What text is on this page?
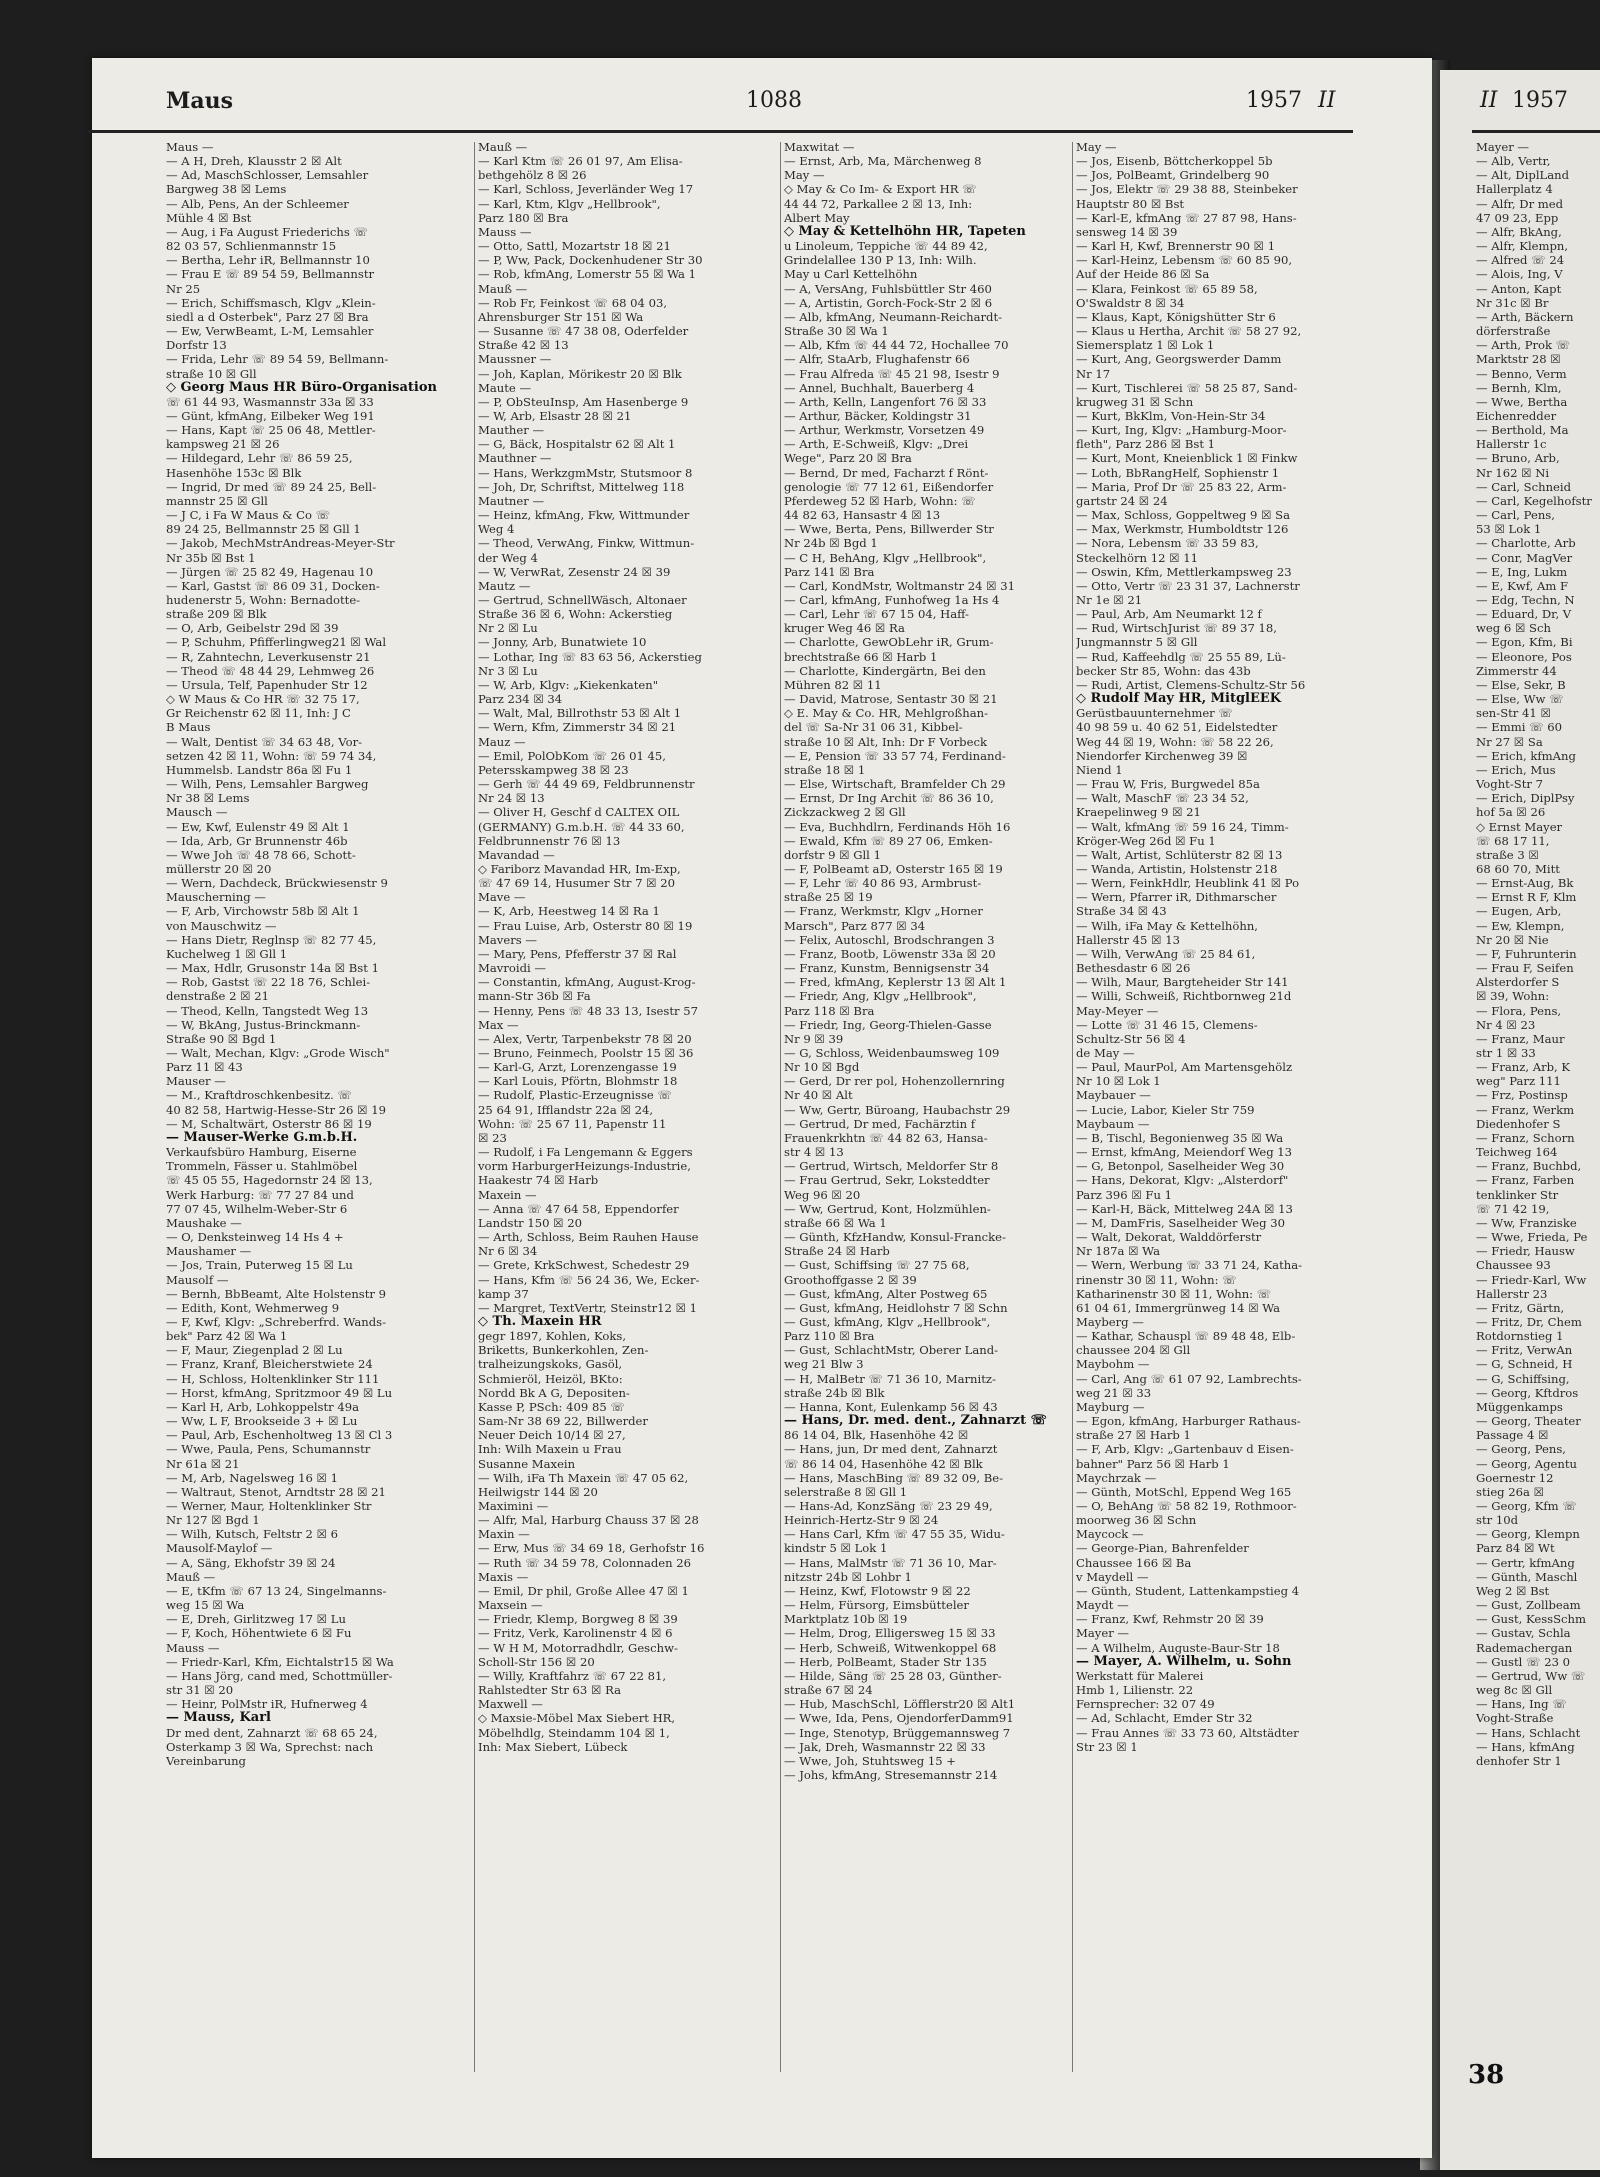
Maus	1088	1957 II	II 1957
Maus —
— A H, Dreh, Klausstr 2 ☒ Alt
— Ad, MaschSchlosser, Lemsahler
Bargweg 38 ☒ Lems
— Alb, Pens, An der Schleemer
Mühle 4 ☒ Bst
— Aug, i Fa August Friederichs ☏
82 03 57, Schlienmannstr 15
— Bertha, Lehr iR, Bellmannstr 10
— Frau E ☏ 89 54 59, Bellmannstr
Nr 25
— Erich, Schiffsmasch, Klgv „Klein-
siedl a d Osterbek", Parz 27 ☒ Bra
— Ew, VerwBeamt, L-M, Lemsahler
Dorfstr 13
— Frida, Lehr ☏ 89 54 59, Bellmann-
straße 10 ☒ Gll
◇ Georg Maus HR Büro-Organisation
☏ 61 44 93, Wasmannstr 33a ☒ 33
— Günt, kfmAng, Eilbeker Weg 191
— Hans, Kapt ☏ 25 06 48, Mettler-
kampsweg 21 ☒ 26
— Hildegard, Lehr ☏ 86 59 25,
Hasenhöhe 153c ☒ Blk
— Ingrid, Dr med ☏ 89 24 25, Bell-
mannstr 25 ☒ Gll
— J C, i Fa W Maus & Co ☏
89 24 25, Bellmannstr 25 ☒ Gll 1
— Jakob, MechMstrAndreas-Meyer-Str
Nr 35b ☒ Bst 1
— Jürgen ☏ 25 82 49, Hagenau 10
— Karl, Gastst ☏ 86 09 31, Docken-
hudenerstr 5, Wohn: Bernadotte-
straße 209 ☒ Blk
— O, Arb, Geibelstr 29d ☒ 39
— P, Schuhm, Pfifferlingweg21 ☒ Wal
— R, Zahntechn, Leverkusenstr 21
— Theod ☏ 48 44 29, Lehmweg 26
— Ursula, Telf, Papenhuder Str 12
◇ W Maus & Co HR ☏ 32 75 17,
Gr Reichenstr 62 ☒ 11, Inh: J C
B Maus
— Walt, Dentist ☏ 34 63 48, Vor-
setzen 42 ☒ 11, Wohn: ☏ 59 74 34,
Hummelsb. Landstr 86a ☒ Fu 1
— Wilh, Pens, Lemsahler Bargweg
Nr 38 ☒ Lems
Mausch —
— Ew, Kwf, Eulenstr 49 ☒ Alt 1
— Ida, Arb, Gr Brunnenstr 46b
— Wwe Joh ☏ 48 78 66, Schott-
müllerstr 20 ☒ 20
— Wern, Dachdeck, Brückwiesenstr 9
Mauscherning —
— F, Arb, Virchowstr 58b ☒ Alt 1
von Mauschwitz —
— Hans Dietr, Reglnsp ☏ 82 77 45,
Kuchelweg 1 ☒ Gll 1
— Max, Hdlr, Grusonstr 14a ☒ Bst 1
— Rob, Gastst ☏ 22 18 76, Schlei-
denstraße 2 ☒ 21
— Theod, Kelln, Tangstedt Weg 13
— W, BkAng, Justus-Brinckmann-
Straße 90 ☒ Bgd 1
— Walt, Mechan, Klgv: „Grode Wisch"
Parz 11 ☒ 43
Mauser —
— M., Kraftdroschkenbesitz. ☏
40 82 58, Hartwig-Hesse-Str 26 ☒ 19
— M, Schaltwärt, Osterstr 86 ☒ 19
— Mauser-Werke G.m.b.H.
Verkaufsbüro Hamburg, Eiserne
Trommeln, Fässer u. Stahlmöbel
☏ 45 05 55, Hagedornstr 24 ☒ 13,
Werk Harburg: ☏ 77 27 84 und
77 07 45, Wilhelm-Weber-Str 6
Maushake —
— O, Denksteinweg 14 Hs 4 +
Maushamer —
— Jos, Train, Puterweg 15 ☒ Lu
Mausolf —
— Bernh, BbBeamt, Alte Holstenstr 9
— Edith, Kont, Wehmerweg 9
— F, Kwf, Klgv: „Schreberfrd. Wands-
bek" Parz 42 ☒ Wa 1
— F, Maur, Ziegenplad 2 ☒ Lu
— Franz, Kranf, Bleicherstwiete 24
— H, Schloss, Holtenklinker Str 111
— Horst, kfmAng, Spritzmoor 49 ☒ Lu
— Karl H, Arb, Lohkoppelstr 49a
— Ww, L F, Brookseide 3 + ☒ Lu
— Paul, Arb, Eschenholtweg 13 ☒ Cl 3
— Wwe, Paula, Pens, Schumannstr
Nr 61a ☒ 21
— M, Arb, Nagelsweg 16 ☒ 1
— Waltraut, Stenot, Arndtstr 28 ☒ 21
— Werner, Maur, Holtenklinker Str
Nr 127 ☒ Bgd 1
— Wilh, Kutsch, Feltstr 2 ☒ 6
Mausolf-Maylof —
— A, Säng, Ekhofstr 39 ☒ 24
Mauß —
— E, tKfm ☏ 67 13 24, Singelmanns-
weg 15 ☒ Wa
— E, Dreh, Girlitzweg 17 ☒ Lu
— F, Koch, Höhentwiete 6 ☒ Fu
Mauss —
— Friedr-Karl, Kfm, Eichtalstr15 ☒ Wa
— Hans Jörg, cand med, Schottmüller-
str 31 ☒ 20
— Heinr, PolMstr iR, Hufnerweg 4
— Mauss, Karl
Dr med dent, Zahnarzt ☏ 68 65 24,
Osterkamp 3 ☒ Wa, Sprechst: nach
Vereinbarung
Mauß —
— Karl Ktm ☏ 26 01 97, Am Elisa-
bethgehölz 8 ☒ 26
— Karl, Schloss, Jeverländer Weg 17
— Karl, Ktm, Klgv „Hellbrook",
Parz 180 ☒ Bra
Mauss —
— Otto, Sattl, Mozartstr 18 ☒ 21
— P, Ww, Pack, Dockenhudener Str 30
— Rob, kfmAng, Lomerstr 55 ☒ Wa 1
Mauß —
— Rob Fr, Feinkost ☏ 68 04 03,
Ahrensburger Str 151 ☒ Wa
— Susanne ☏ 47 38 08, Oderfelder
Straße 42 ☒ 13
Maussner —
— Joh, Kaplan, Mörikestr 20 ☒ Blk
Maute —
— P, ObSteuInsp, Am Hasenberge 9
— W, Arb, Elsastr 28 ☒ 21
Mauther —
— G, Bäck, Hospitalstr 62 ☒ Alt 1
Mauthner —
— Hans, WerkzgmMstr, Stutsmoor 8
— Joh, Dr, Schriftst, Mittelweg 118
Mautner —
— Heinz, kfmAng, Fkw, Wittmunder
Weg 4
— Theod, VerwAng, Finkw, Wittmun-
der Weg 4
— W, VerwRat, Zesenstr 24 ☒ 39
Mautz —
— Gertrud, SchnellWäsch, Altonaer
Straße 36 ☒ 6, Wohn: Ackerstieg
Nr 2 ☒ Lu
— Jonny, Arb, Bunatwiete 10
— Lothar, Ing ☏ 83 63 56, Ackerstieg
Nr 3 ☒ Lu
— W, Arb, Klgv: „Kiekenkaten"
Parz 234 ☒ 34
— Walt, Mal, Billrothstr 53 ☒ Alt 1
— Wern, Kfm, Zimmerstr 34 ☒ 21
Mauz —
— Emil, PolObKom ☏ 26 01 45,
Petersskampweg 38 ☒ 23
— Gerh ☏ 44 49 69, Feldbrunnenstr
Nr 24 ☒ 13
— Oliver H, Geschf d CALTEX OIL
(GERMANY) G.m.b.H. ☏ 44 33 60,
Feldbrunnenstr 76 ☒ 13
Mavandad —
◇ Fariborz Mavandad HR, Im-Exp,
☏ 47 69 14, Husumer Str 7 ☒ 20
Mave —
— K, Arb, Heestweg 14 ☒ Ra 1
— Frau Luise, Arb, Osterstr 80 ☒ 19
Mavers —
— Mary, Pens, Pfefferstr 37 ☒ Ral
Mavroidi —
— Constantin, kfmAng, August-Krog-
mann-Str 36b ☒ Fa
— Henny, Pens ☏ 48 33 13, Isestr 57
Max —
— Alex, Vertr, Tarpenbekstr 78 ☒ 20
— Bruno, Feinmech, Poolstr 15 ☒ 36
— Karl-G, Arzt, Lorenzengasse 19
— Karl Louis, Pförtn, Blohmstr 18
— Rudolf, Plastic-Erzeugnisse ☏
25 64 91, Ifflandstr 22a ☒ 24,
Wohn: ☏ 25 67 11, Papenstr 11
☒ 23
— Rudolf, i Fa Lengemann & Eggers
vorm HarburgerHeizungs-Industrie,
Haakestr 74 ☒ Harb
Maxein —
— Anna ☏ 47 64 58, Eppendorfer
Landstr 150 ☒ 20
— Arth, Schloss, Beim Rauhen Hause
Nr 6 ☒ 34
— Grete, KrkSchwest, Schedestr 29
— Hans, Kfm ☏ 56 24 36, We, Ecker-
kamp 37
— Margret, TextVertr, Steinstr12 ☒ 1
◇ Th. Maxein HR
gegr 1897, Kohlen, Koks,
Briketts, Bunkerkohlen, Zen-
tralheizungskoks, Gasöl,
Schmieröl, Heizöl, BKto:
Nordd Bk A G, Depositen-
Kasse P, PSch: 409 85 ☏
Sam-Nr 38 69 22, Billwerder
Neuer Deich 10/14 ☒ 27,
Inh: Wilh Maxein u Frau
Susanne Maxein
— Wilh, iFa Th Maxein ☏ 47 05 62,
Heilwigstr 144 ☒ 20
Maximini —
— Alfr, Mal, Harburg Chauss 37 ☒ 28
Maxin —
— Erw, Mus ☏ 34 69 18, Gerhofstr 16
— Ruth ☏ 34 59 78, Colonnaden 26
Maxis —
— Emil, Dr phil, Große Allee 47 ☒ 1
Maxsein —
— Friedr, Klemp, Borgweg 8 ☒ 39
— Fritz, Verk, Karolinenstr 4 ☒ 6
— W H M, Motorradhdlr, Geschw-
Scholl-Str 156 ☒ 20
— Willy, Kraftfahrz ☏ 67 22 81,
Rahlstedter Str 63 ☒ Ra
Maxwell —
◇ Maxsie-Möbel Max Siebert HR,
Möbelhdlg, Steindamm 104 ☒ 1,
Inh: Max Siebert, Lübeck
Maxwitat —
— Ernst, Arb, Ma, Märchenweg 8
May —
◇ May & Co Im- & Export HR ☏
44 44 72, Parkallee 2 ☒ 13, Inh:
Albert May
◇ May & Kettelhöhn HR, Tapeten
u Linoleum, Teppiche ☏ 44 89 42,
Grindelallee 130 P 13, Inh: Wilh.
May u Carl Kettelhöhn
— A, VersAng, Fuhlsbüttler Str 460
— A, Artistin, Gorch-Fock-Str 2 ☒ 6
— Alb, kfmAng, Neumann-Reichardt-
Straße 30 ☒ Wa 1
— Alb, Kfm ☏ 44 44 72, Hochallee 70
— Alfr, StaArb, Flughafenstr 66
— Frau Alfreda ☏ 45 21 98, Isestr 9
— Annel, Buchhalt, Bauerberg 4
— Arth, Kelln, Langenfort 76 ☒ 33
— Arthur, Bäcker, Koldingstr 31
— Arthur, Werkmstr, Vorsetzen 49
— Arth, E-Schweiß, Klgv: „Drei
Wege", Parz 20 ☒ Bra
— Bernd, Dr med, Facharzt f Rönt-
genologie ☏ 77 12 61, Eißendorfer
Pferdeweg 52 ☒ Harb, Wohn: ☏
44 82 63, Hansastr 4 ☒ 13
— Wwe, Berta, Pens, Billwerder Str
Nr 24b ☒ Bgd 1
— C H, BehAng, Klgv „Hellbrook",
Parz 141 ☒ Bra
— Carl, KondMstr, Woltmanstr 24 ☒ 31
— Carl, kfmAng, Funhofweg 1a Hs 4
— Carl, Lehr ☏ 67 15 04, Haff-
kruger Weg 46 ☒ Ra
— Charlotte, GewObLehr iR, Grum-
brechtstraße 66 ☒ Harb 1
— Charlotte, Kindergärtn, Bei den
Mühren 82 ☒ 11
— David, Matrose, Sentastr 30 ☒ 21
◇ E. May & Co. HR, Mehlgroßhan-
del ☏ Sa-Nr 31 06 31, Kibbel-
straße 10 ☒ Alt, Inh: Dr F Vorbeck
— E, Pension ☏ 33 57 74, Ferdinand-
straße 18 ☒ 1
— Else, Wirtschaft, Bramfelder Ch 29
— Ernst, Dr Ing Archit ☏ 86 36 10,
Zickzackweg 2 ☒ Gll
— Eva, Buchhdlrn, Ferdinands Höh 16
— Ewald, Kfm ☏ 89 27 06, Emken-
dorfstr 9 ☒ Gll 1
— F, PolBeamt aD, Osterstr 165 ☒ 19
— F, Lehr ☏ 40 86 93, Armbrust-
straße 25 ☒ 19
— Franz, Werkmstr, Klgv „Horner
Marsch", Parz 877 ☒ 34
— Felix, Autoschl, Brodschrangen 3
— Franz, Bootb, Löwenstr 33a ☒ 20
— Franz, Kunstm, Bennigsenstr 34
— Fred, kfmAng, Keplerstr 13 ☒ Alt 1
— Friedr, Ang, Klgv „Hellbrook",
Parz 118 ☒ Bra
— Friedr, Ing, Georg-Thielen-Gasse
Nr 9 ☒ 39
— G, Schloss, Weidenbaumsweg 109
Nr 10 ☒ Bgd
— Gerd, Dr rer pol, Hohenzollernring
Nr 40 ☒ Alt
— Ww, Gertr, Büroang, Haubachstr 29
— Gertrud, Dr med, Fachärztin f
Frauenkrkhtn ☏ 44 82 63, Hansa-
str 4 ☒ 13
— Gertrud, Wirtsch, Meldorfer Str 8
— Frau Gertrud, Sekr, Loksteddter
Weg 96 ☒ 20
— Ww, Gertrud, Kont, Holzmühlen-
straße 66 ☒ Wa 1
— Günth, KfzHandw, Konsul-Francke-
Straße 24 ☒ Harb
— Gust, Schiffsing ☏ 27 75 68,
Groothoffgasse 2 ☒ 39
— Gust, kfmAng, Alter Postweg 65
— Gust, kfmAng, Heidlohstr 7 ☒ Schn
— Gust, kfmAng, Klgv „Hellbrook",
Parz 110 ☒ Bra
— Gust, SchlachtMstr, Oberer Land-
weg 21 Blw 3
— H, MalBetr ☏ 71 36 10, Marnitz-
straße 24b ☒ Blk
— Hanna, Kont, Eulenkamp 56 ☒ 43
— Hans, Dr. med. dent., Zahnarzt ☏
86 14 04, Blk, Hasenhöhe 42 ☒
— Hans, jun, Dr med dent, Zahnarzt
☏ 86 14 04, Hasenhöhe 42 ☒ Blk
— Hans, MaschBing ☏ 89 32 09, Be-
selerstraße 8 ☒ Gll 1
— Hans-Ad, KonzSäng ☏ 23 29 49,
Heinrich-Hertz-Str 9 ☒ 24
— Hans Carl, Kfm ☏ 47 55 35, Widu-
kindstr 5 ☒ Lok 1
— Hans, MalMstr ☏ 71 36 10, Mar-
nitzstr 24b ☒ Lohbr 1
— Heinz, Kwf, Flotowstr 9 ☒ 22
— Helm, Fürsorg, Eimsbütteler
Marktplatz 10b ☒ 19
— Helm, Drog, Elligersweg 15 ☒ 33
— Herb, Schweiß, Witwenkoppel 68
— Herb, PolBeamt, Stader Str 135
— Hilde, Säng ☏ 25 28 03, Günther-
straße 67 ☒ 24
— Hub, MaschSchl, Löfflerstr20 ☒ Alt1
— Wwe, Ida, Pens, OjendorferDamm91
— Inge, Stenotyp, Brüggemannsweg 7
— Jak, Dreh, Wasmannstr 22 ☒ 33
— Wwe, Joh, Stuhtsweg 15 +
— Johs, kfmAng, Stresemannstr 214
May —
— Jos, Eisenb, Böttcherkoppel 5b
— Jos, PolBeamt, Grindelberg 90
— Jos, Elektr ☏ 29 38 88, Steinbeker
Hauptstr 80 ☒ Bst
— Karl-E, kfmAng ☏ 27 87 98, Hans-
sensweg 14 ☒ 39
— Karl H, Kwf, Brennerstr 90 ☒ 1
— Karl-Heinz, Lebensm ☏ 60 85 90,
Auf der Heide 86 ☒ Sa
— Klara, Feinkost ☏ 65 89 58,
O'Swaldstr 8 ☒ 34
— Klaus, Kapt, Königshütter Str 6
— Klaus u Hertha, Archit ☏ 58 27 92,
Siemersplatz 1 ☒ Lok 1
— Kurt, Ang, Georgswerder Damm
Nr 17
— Kurt, Tischlerei ☏ 58 25 87, Sand-
krugweg 31 ☒ Schn
— Kurt, BkKlm, Von-Hein-Str 34
— Kurt, Ing, Klgv: „Hamburg-Moor-
fleth", Parz 286 ☒ Bst 1
— Kurt, Mont, Kneienblick 1 ☒ Finkw
— Loth, BbRangHelf, Sophienstr 1
— Maria, Prof Dr ☏ 25 83 22, Arm-
gartstr 24 ☒ 24
— Max, Schloss, Goppeltweg 9 ☒ Sa
— Max, Werkmstr, Humboldtstr 126
— Nora, Lebensm ☏ 33 59 83,
Steckelhörn 12 ☒ 11
— Oswin, Kfm, Mettlerkampsweg 23
— Otto, Vertr ☏ 23 31 37, Lachnerstr
Nr 1e ☒ 21
— Paul, Arb, Am Neumarkt 12 f
— Rud, WirtschJurist ☏ 89 37 18,
Jungmannstr 5 ☒ Gll
— Rud, Kaffeehdlg ☏ 25 55 89, Lü-
becker Str 85, Wohn: das 43b
— Rudi, Artist, Clemens-Schultz-Str 56
◇ Rudolf May HR, MitglEEK
Gerüstbauunternehmer ☏
40 98 59 u. 40 62 51, Eidelstedter
Weg 44 ☒ 19, Wohn: ☏ 58 22 26,
Niendorfer Kirchenweg 39 ☒
Niend 1
— Frau W, Fris, Burgwedel 85a
— Walt, MaschF ☏ 23 34 52,
Kraepelinweg 9 ☒ 21
— Walt, kfmAng ☏ 59 16 24, Timm-
Kröger-Weg 26d ☒ Fu 1
— Walt, Artist, Schlüterstr 82 ☒ 13
— Wanda, Artistin, Holstenstr 218
— Wern, FeinkHdlr, Heublink 41 ☒ Po
— Wern, Pfarrer iR, Dithmarscher
Straße 34 ☒ 43
— Wilh, iFa May & Kettelhöhn,
Hallerstr 45 ☒ 13
— Wilh, VerwAng ☏ 25 84 61,
Bethesdastr 6 ☒ 26
— Wilh, Maur, Bargteheider Str 141
— Willi, Schweiß, Richtbornweg 21d
May-Meyer —
— Lotte ☏ 31 46 15, Clemens-
Schultz-Str 56 ☒ 4
de May —
— Paul, MaurPol, Am Martensgehölz
Nr 10 ☒ Lok 1
Maybauer —
— Lucie, Labor, Kieler Str 759
Maybaum —
— B, Tischl, Begonienweg 35 ☒ Wa
— Ernst, kfmAng, Meiendorf Weg 13
— G, Betonpol, Saselheider Weg 30
— Hans, Dekorat, Klgv: „Alsterdorf"
Parz 396 ☒ Fu 1
— Karl-H, Bäck, Mittelweg 24A ☒ 13
— M, DamFris, Saselheider Weg 30
— Walt, Dekorat, Walddörferstr
Nr 187a ☒ Wa
— Wern, Werbung ☏ 33 71 24, Katha-
rinenstr 30 ☒ 11, Wohn: ☏
Katharinenstr 30 ☒ 11, Wohn: ☏
61 04 61, Immergrünweg 14 ☒ Wa
Mayberg —
— Kathar, Schauspl ☏ 89 48 48, Elb-
chaussee 204 ☒ Gll
Maybohm —
— Carl, Ang ☏ 61 07 92, Lambrechts-
weg 21 ☒ 33
Mayburg —
— Egon, kfmAng, Harburger Rathaus-
straße 27 ☒ Harb 1
— F, Arb, Klgv: „Gartenbauv d Eisen-
bahner" Parz 56 ☒ Harb 1
Maychrzak —
— Günth, MotSchl, Eppend Weg 165
— O, BehAng ☏ 58 82 19, Rothmoor-
moorweg 36 ☒ Schn
Maycock —
— George-Pian, Bahrenfelder
Chaussee 166 ☒ Ba
v Maydell —
— Günth, Student, Lattenkampstieg 4
Maydt —
— Franz, Kwf, Rehmstr 20 ☒ 39
Mayer —
— A Wilhelm, Auguste-Baur-Str 18
— Mayer, A. Wilhelm, u. Sohn
Werkstatt für Malerei
Hmb 1, Lilienstr. 22
Fernsprecher: 32 07 49
— Ad, Schlacht, Emder Str 32
— Frau Annes ☏ 33 73 60, Altstädter
Str 23 ☒ 1
Mayer —
— Alb, Vertr,
— Alt, DiplLand
Hallerplatz 4
— Alfr, Dr med
47 09 23, Epp
— Alfr, BkAng,
— Alfr, Klempn,
— Alfred ☏ 24
— Alois, Ing, V
— Anton, Kapt
Nr 31c ☒ Br
— Arth, Bäckern
dörferstraße
— Arth, Prok ☏
Marktstr 28 ☒
— Benno, Verm
— Bernh, Klm,
— Wwe, Bertha
Eichenredder
— Berthold, Ma
Hallerstr 1c
— Bruno, Arb,
Nr 162 ☒ Ni
— Carl, Schneid
— Carl, Kegelhofstr
— Carl, Pens,
53 ☒ Lok 1
— Charlotte, Arb
— Conr, MagVer
— E, Ing, Lukm
— E, Kwf, Am F
— Edg, Techn, N
— Eduard, Dr, V
weg 6 ☒ Sch
— Egon, Kfm, Bi
— Eleonore, Pos
Zimmerstr 44
— Else, Sekr, B
— Else, Ww ☏
sen-Str 41 ☒
— Emmi ☏ 60
Nr 27 ☒ Sa
— Erich, kfmAng
— Erich, Mus
Voght-Str 7
— Erich, DiplPsy
hof 5a ☒ 26
◇ Ernst Mayer
☏ 68 17 11,
straße 3 ☒
68 60 70, Mitt
— Ernst-Aug, Bk
— Ernst R F, Klm
— Eugen, Arb,
— Ew, Klempn,
Nr 20 ☒ Nie
— F, Fuhrunterin
— Frau F, Seifen
Alsterdorfer S
☒ 39, Wohn:
— Flora, Pens,
Nr 4 ☒ 23
— Franz, Maur
str 1 ☒ 33
— Franz, Arb, K
weg" Parz 111
— Frz, Postinsp
— Franz, Werkm
Diedenhofer S
— Franz, Schorn
Teichweg 164
— Franz, Buchbd,
— Franz, Farben
tenklinker Str
☏ 71 42 19,
— Ww, Franziske
— Wwe, Frieda, Pe
— Friedr, Hausw
Chaussee 93
— Friedr-Karl, Ww
Hallerstr 23
— Fritz, Gärtn,
— Fritz, Dr, Chem
Rotdornstieg 1
— Fritz, VerwAn
— G, Schneid, H
— G, Schiffsing,
— Georg, Kftdros
Müggenkamps
— Georg, Theater
Passage 4 ☒
— Georg, Pens,
— Georg, Agentu
Goernestr 12
stieg 26a ☒
— Georg, Kfm ☏
str 10d
— Georg, Klempn
Parz 84 ☒ Wt
— Gertr, kfmAng
— Günth, Maschl
Weg 2 ☒ Bst
— Gust, Zollbeam
— Gust, KessSchm
— Gustav, Schla
Rademachergan
— Gustl ☏ 23 0
— Gertrud, Ww ☏
weg 8c ☒ Gll
— Hans, Ing ☏
Voght-Straße
— Hans, Schlacht
— Hans, kfmAng
denhofer Str 1
38
